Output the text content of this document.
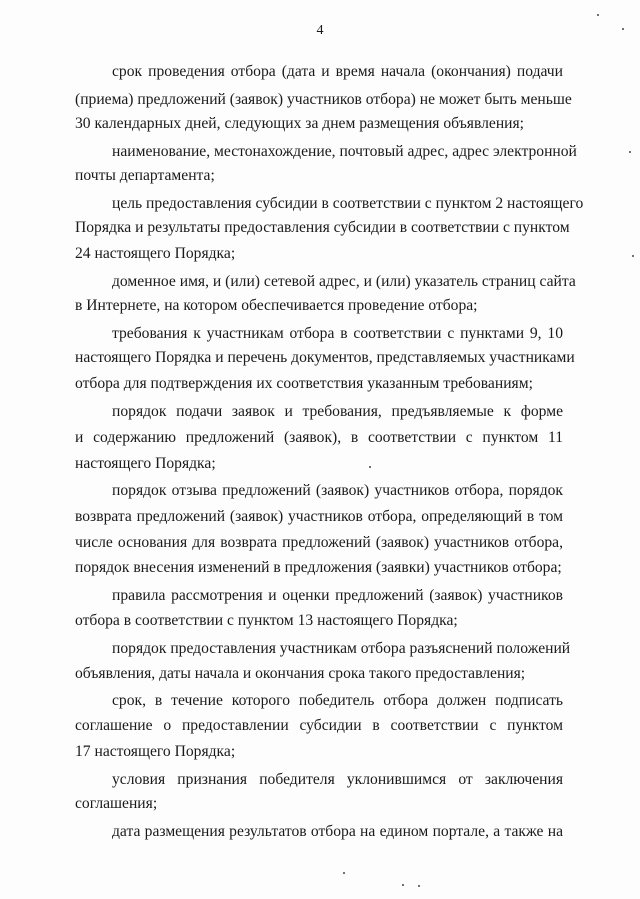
4
срок проведения отбора (дата и время начала (окончания) подачи
(приема) предложений (заявок) участников отбора) не может быть меньше
30 календарных дней, следующих за днем размещения объявления;
наименование, местонахождение, почтовый адрес, адрес электронной
почты департамента;
цель предоставления субсидии в соответствии с пунктом 2 настоящего
Порядка и результаты предоставления субсидии в соответствии с пунктом
24 настоящего Порядка;
доменное имя, и (или) сетевой адрес, и (или) указатель страниц сайта
в Интернете, на котором обеспечивается проведение отбора;
требования к участникам отбора в соответствии с пунктами 9, 10
настоящего Порядка и перечень документов, представляемых участниками
отбора для подтверждения их соответствия указанным требованиям;
порядок подачи заявок и требования, предъявляемые к форме
и содержанию предложений (заявок), в соответствии с пунктом 11
настоящего Порядка;
порядок отзыва предложений (заявок) участников отбора, порядок
возврата предложений (заявок) участников отбора, определяющий в том
числе основания для возврата предложений (заявок) участников отбора,
порядок внесения изменений в предложения (заявки) участников отбора;
правила рассмотрения и оценки предложений (заявок) участников
отбора в соответствии с пунктом 13 настоящего Порядка;
порядок предоставления участникам отбора разъяснений положений
объявления, даты начала и окончания срока такого предоставления;
срок, в течение которого победитель отбора должен подписать
соглашение о предоставлении субсидии в соответствии с пунктом
17 настоящего Порядка;
условия признания победителя уклонившимся от заключения
соглашения;
дата размещения результатов отбора на едином портале, а также на
